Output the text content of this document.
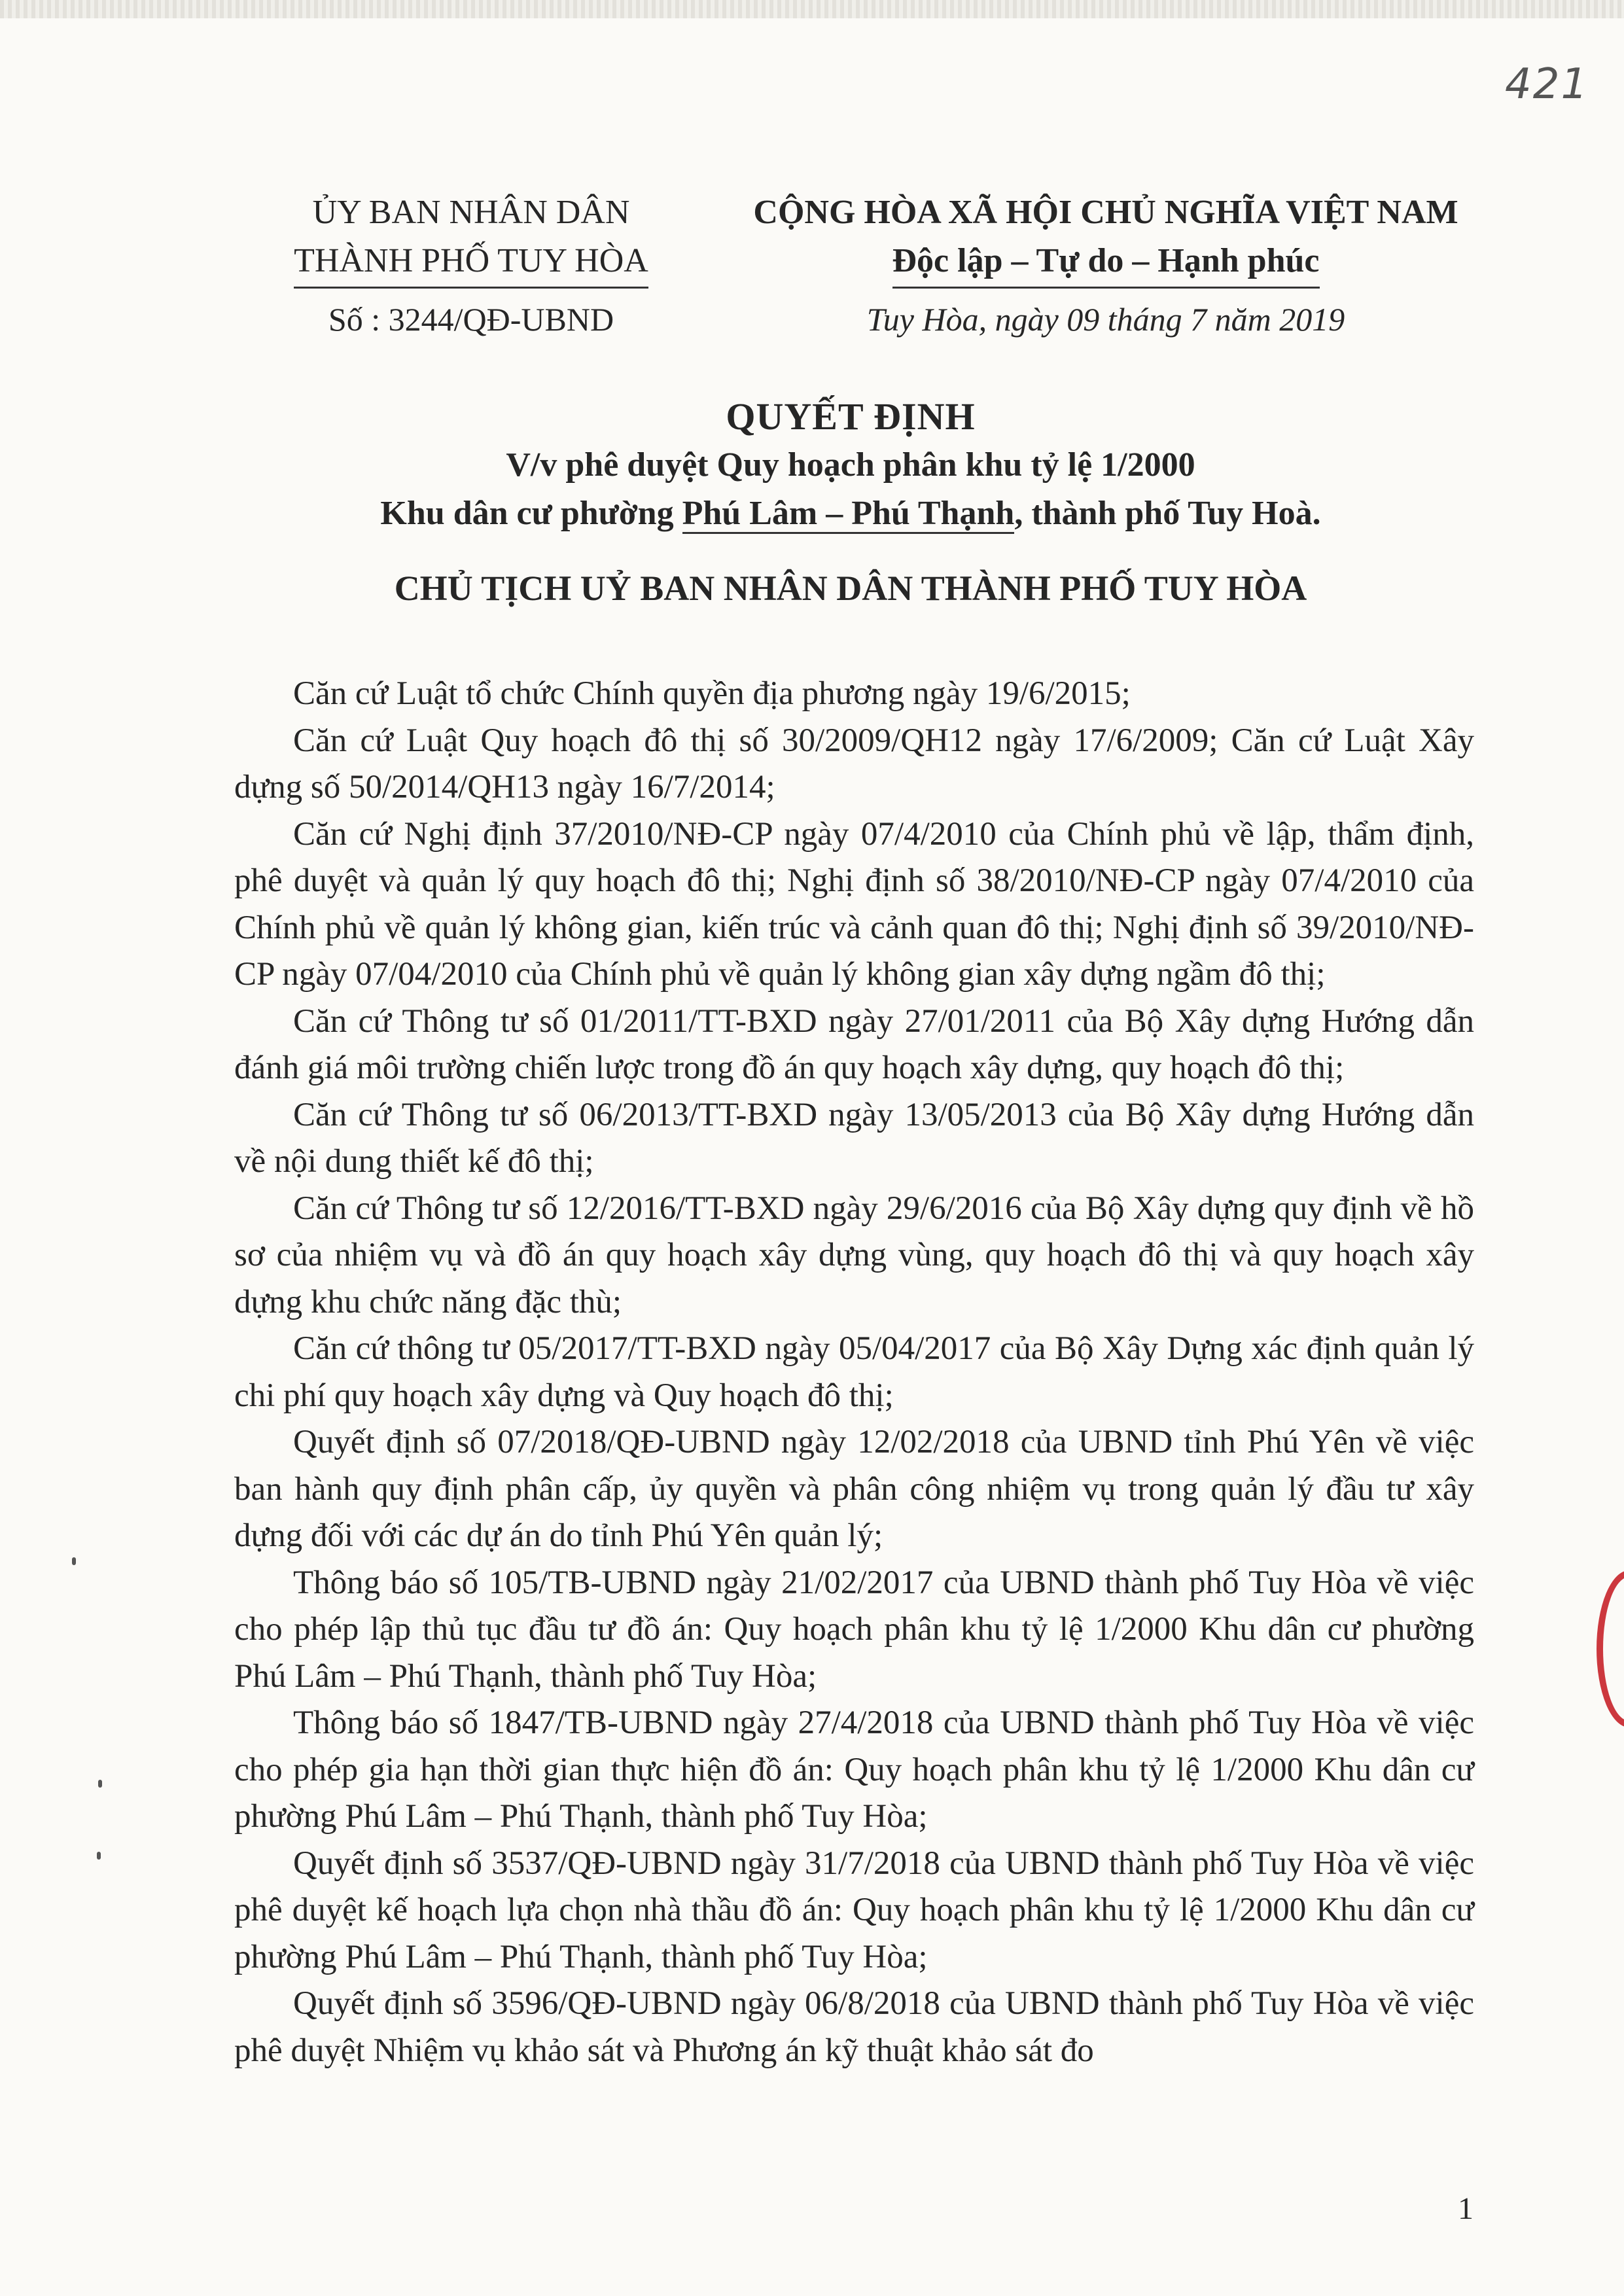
421
ỦY BAN NHÂN DÂN
THÀNH PHỐ TUY HÒA
Số : 3244/QĐ-UBND
CỘNG HÒA XÃ HỘI CHỦ NGHĨA VIỆT NAM
Độc lập – Tự do – Hạnh phúc
Tuy Hòa, ngày 09 tháng 7 năm 2019
QUYẾT ĐỊNH
V/v phê duyệt Quy hoạch phân khu tỷ lệ 1/2000
Khu dân cư phường Phú Lâm – Phú Thạnh, thành phố Tuy Hoà.
CHỦ TỊCH UỶ BAN NHÂN DÂN THÀNH PHỐ TUY HÒA

Căn cứ Luật tổ chức Chính quyền địa phương ngày 19/6/2015;

Căn cứ Luật Quy hoạch đô thị số 30/2009/QH12 ngày 17/6/2009; Căn cứ Luật Xây dựng số 50/2014/QH13 ngày 16/7/2014;

Căn cứ Nghị định 37/2010/NĐ-CP ngày 07/4/2010 của Chính phủ về lập, thẩm định, phê duyệt và quản lý quy hoạch đô thị; Nghị định số 38/2010/NĐ-CP ngày 07/4/2010 của Chính phủ về quản lý không gian, kiến trúc và cảnh quan đô thị; Nghị định số 39/2010/NĐ-CP ngày 07/04/2010 của Chính phủ về quản lý không gian xây dựng ngầm đô thị;

Căn cứ Thông tư số 01/2011/TT-BXD ngày 27/01/2011 của Bộ Xây dựng Hướng dẫn đánh giá môi trường chiến lược trong đồ án quy hoạch xây dựng, quy hoạch đô thị;

Căn cứ Thông tư số 06/2013/TT-BXD ngày 13/05/2013 của Bộ Xây dựng Hướng dẫn về nội dung thiết kế đô thị;

Căn cứ Thông tư số 12/2016/TT-BXD ngày 29/6/2016 của Bộ Xây dựng quy định về hồ sơ của nhiệm vụ và đồ án quy hoạch xây dựng vùng, quy hoạch đô thị và quy hoạch xây dựng khu chức năng đặc thù;

Căn cứ thông tư 05/2017/TT-BXD ngày 05/04/2017 của Bộ Xây Dựng xác định quản lý chi phí quy hoạch xây dựng và Quy hoạch đô thị;

Quyết định số 07/2018/QĐ-UBND ngày 12/02/2018 của UBND tỉnh Phú Yên về việc ban hành quy định phân cấp, ủy quyền và phân công nhiệm vụ trong quản lý đầu tư xây dựng đối với các dự án do tỉnh Phú Yên quản lý;

Thông báo số 105/TB-UBND ngày 21/02/2017 của UBND thành phố Tuy Hòa về việc cho phép lập thủ tục đầu tư đồ án: Quy hoạch phân khu tỷ lệ 1/2000 Khu dân cư phường Phú Lâm – Phú Thạnh, thành phố Tuy Hòa;

Thông báo số 1847/TB-UBND ngày 27/4/2018 của UBND thành phố Tuy Hòa về việc cho phép gia hạn thời gian thực hiện đồ án: Quy hoạch phân khu tỷ lệ 1/2000 Khu dân cư phường Phú Lâm – Phú Thạnh, thành phố Tuy Hòa;

Quyết định số 3537/QĐ-UBND ngày 31/7/2018 của UBND thành phố Tuy Hòa về việc phê duyệt kế hoạch lựa chọn nhà thầu đồ án: Quy hoạch phân khu tỷ lệ 1/2000 Khu dân cư phường Phú Lâm – Phú Thạnh, thành phố Tuy Hòa;

Quyết định số 3596/QĐ-UBND ngày 06/8/2018 của UBND thành phố Tuy Hòa về việc phê duyệt Nhiệm vụ khảo sát và Phương án kỹ thuật khảo sát đo

1
